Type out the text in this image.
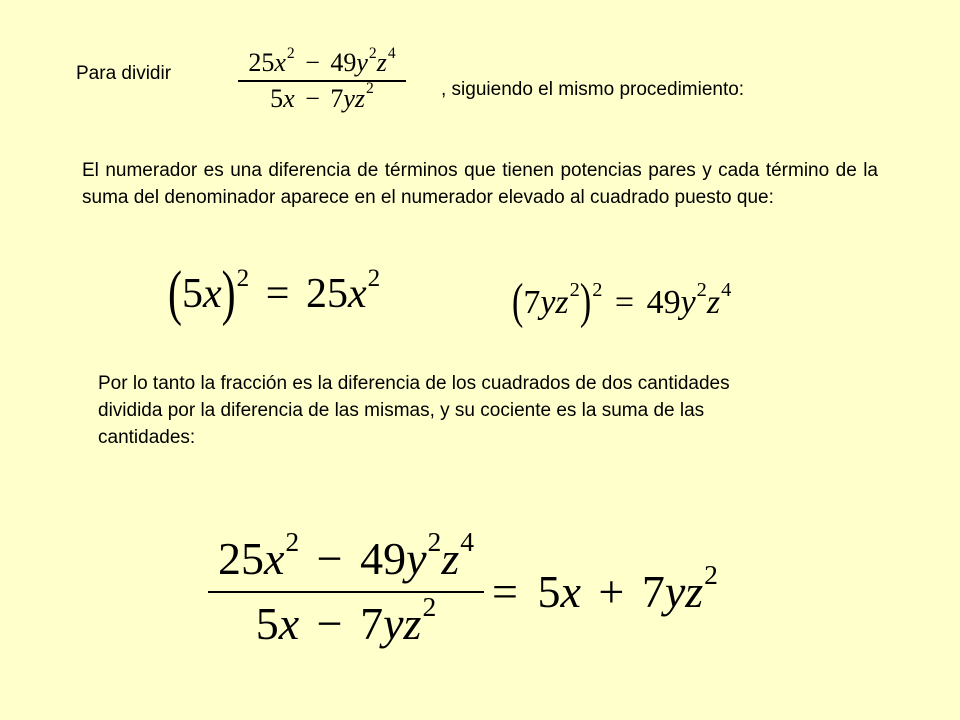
Para dividir	$25x^2 - 49y^2z^4$
$5x - 7yz^2$	, siguiendo el mismo procedimiento:
El numerador es una diferencia de términos que tienen potencias pares y cada término de la suma del denominador aparece en el numerador elevado al cuadrado puesto que:
$(5x)^2 = 25x^2$	$(7yz^2)^2 = 49y^2z^4$
Por lo tanto la fracción es la diferencia de los cuadrados de dos cantidades dividida por la diferencia de las mismas, y su cociente es la suma de las cantidades:
$25x^2 - 49y^2z^4$
$5x - 7yz^2 = 5x + 7yz^2$
